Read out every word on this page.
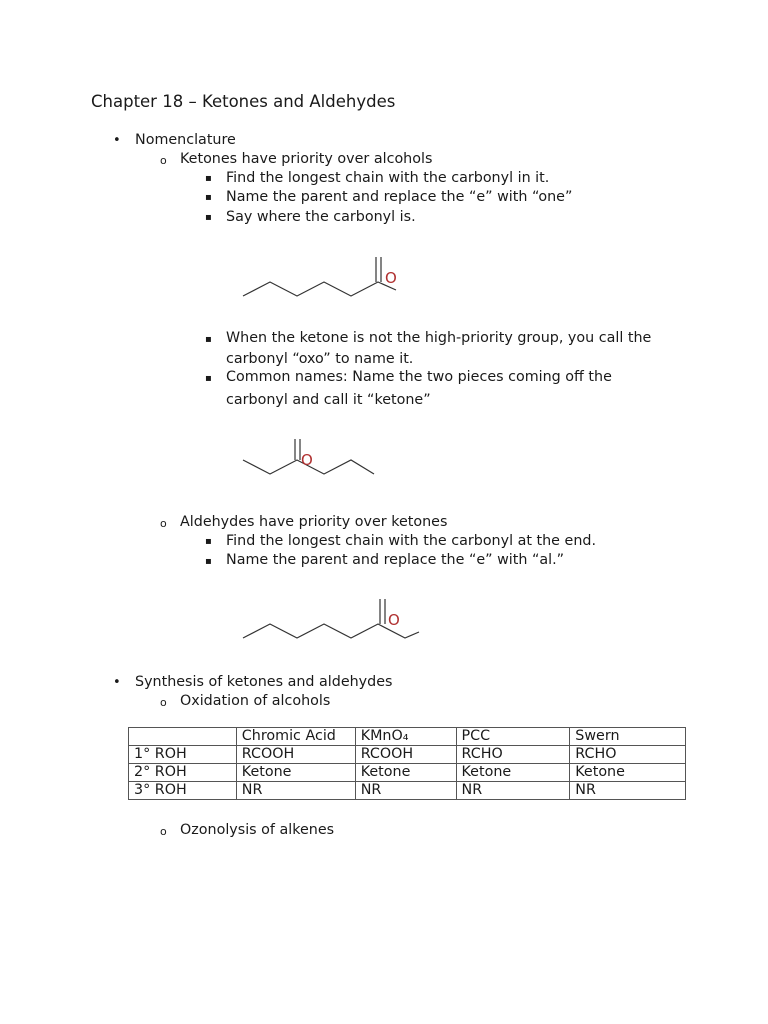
Chapter 18 – Ketones and Aldehydes
• Nomenclature
o Ketones have priority over alcohols
▪ Find the longest chain with the carbonyl in it.
▪ Name the parent and replace the “e” with “one”
▪ Say where the carbonyl is.
O
▪ When the ketone is not the high-priority group, you call the
carbonyl “oxo” to name it.
▪ Common names: Name the two pieces coming off the
carbonyl and call it “ketone”
O
o Aldehydes have priority over ketones
▪ Find the longest chain with the carbonyl at the end.
▪ Name the parent and replace the “e” with “al.”
O
• Synthesis of ketones and aldehydes
o Oxidation of alcohols
	Chromic Acid	KMnO₄	PCC	Swern
1° ROH	RCOOH	RCOOH	RCHO	RCHO
2° ROH	Ketone	Ketone	Ketone	Ketone
3° ROH	NR	NR	NR	NR
o Ozonolysis of alkenes
